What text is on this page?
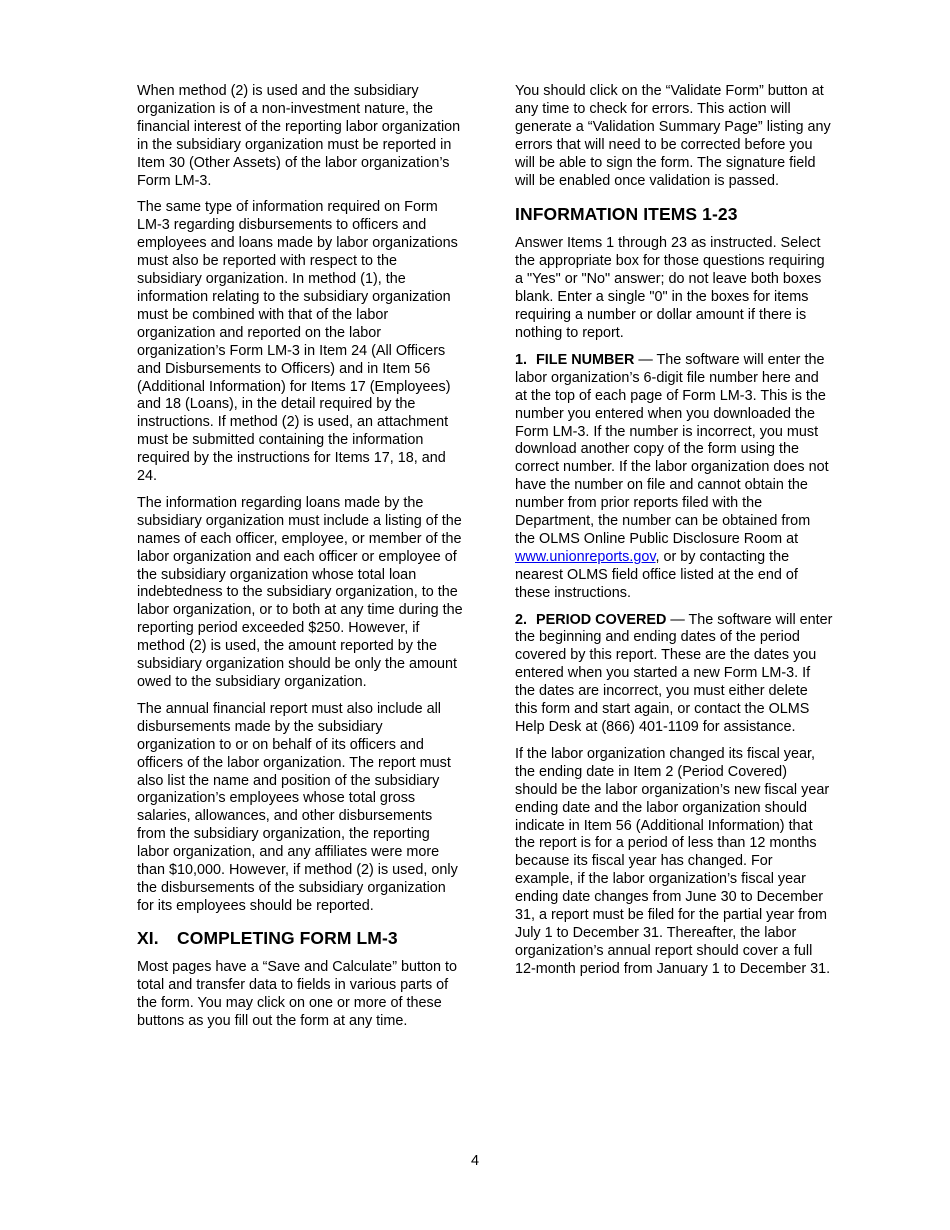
When method (2) is used and the subsidiary organization is of a non-investment nature, the financial interest of the reporting labor organization in the subsidiary organization must be reported in Item 30 (Other Assets) of the labor organization’s Form LM-3.

The same type of information required on Form LM-3 regarding disbursements to officers and employees and loans made by labor organizations must also be reported with respect to the subsidiary organization. In method (1), the information relating to the subsidiary organization must be combined with that of the labor organization and reported on the labor organization’s Form LM-3 in Item 24 (All Officers and Disbursements to Officers) and in Item 56 (Additional Information) for Items 17 (Employees) and 18 (Loans), in the detail required by the instructions. If method (2) is used, an attachment must be submitted containing the information required by the instructions for Items 17, 18, and 24.

The information regarding loans made by the subsidiary organization must include a listing of the names of each officer, employee, or member of the labor organization and each officer or employee of the subsidiary organization whose total loan indebtedness to the subsidiary organization, to the labor organization, or to both at any time during the reporting period exceeded $250. However, if method (2) is used, the amount reported by the subsidiary organization should be only the amount owed to the subsidiary organization.

The annual financial report must also include all disbursements made by the subsidiary organization to or on behalf of its officers and officers of the labor organization. The report must also list the name and position of the subsidiary organization’s employees whose total gross salaries, allowances, and other disbursements from the subsidiary organization, the reporting labor organization, and any affiliates were more than $10,000. However, if method (2) is used, only the disbursements of the subsidiary organization for its employees should be reported.

XI. COMPLETING FORM LM-3

Most pages have a “Save and Calculate” button to total and transfer data to fields in various parts of the form. You may click on one or more of these buttons as you fill out the form at any time.

You should click on the “Validate Form” button at any time to check for errors. This action will generate a “Validation Summary Page” listing any errors that will need to be corrected before you will be able to sign the form. The signature field will be enabled once validation is passed.

INFORMATION ITEMS 1-23

Answer Items 1 through 23 as instructed. Select the appropriate box for those questions requiring a "Yes" or "No" answer; do not leave both boxes blank. Enter a single "0" in the boxes for items requiring a number or dollar amount if there is nothing to report.

1. FILE NUMBER — The software will enter the labor organization’s 6-digit file number here and at the top of each page of Form LM-3. This is the number you entered when you downloaded the Form LM-3. If the number is incorrect, you must download another copy of the form using the correct number. If the labor organization does not have the number on file and cannot obtain the number from prior reports filed with the Department, the number can be obtained from the OLMS Online Public Disclosure Room at www.unionreports.gov, or by contacting the nearest OLMS field office listed at the end of these instructions.

2. PERIOD COVERED — The software will enter the beginning and ending dates of the period covered by this report. These are the dates you entered when you started a new Form LM-3. If the dates are incorrect, you must either delete this form and start again, or contact the OLMS Help Desk at (866) 401-1109 for assistance.

If the labor organization changed its fiscal year, the ending date in Item 2 (Period Covered) should be the labor organization’s new fiscal year ending date and the labor organization should indicate in Item 56 (Additional Information) that the report is for a period of less than 12 months because its fiscal year has changed. For example, if the labor organization’s fiscal year ending date changes from June 30 to December 31, a report must be filed for the partial year from July 1 to December 31. Thereafter, the labor organization’s annual report should cover a full 12-month period from January 1 to December 31.

4
